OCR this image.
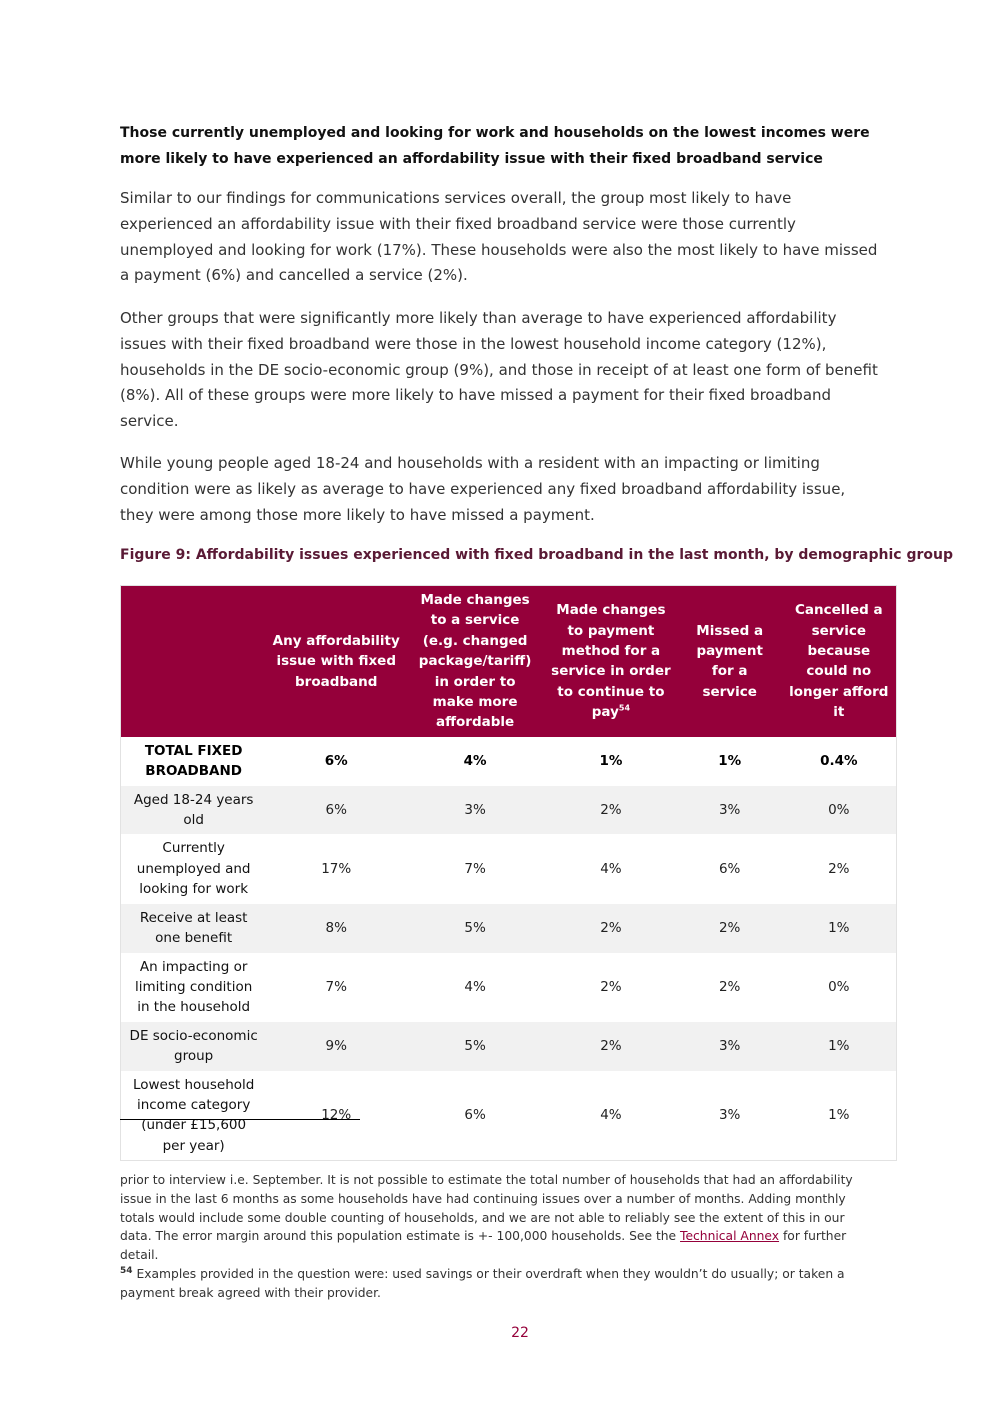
Those currently unemployed and looking for work and households on the lowest incomes were more likely to have experienced an affordability issue with their fixed broadband service

Similar to our findings for communications services overall, the group most likely to have experienced an affordability issue with their fixed broadband service were those currently unemployed and looking for work (17%). These households were also the most likely to have missed a payment (6%) and cancelled a service (2%).

Other groups that were significantly more likely than average to have experienced affordability issues with their fixed broadband were those in the lowest household income category (12%), households in the DE socio-economic group (9%), and those in receipt of at least one form of benefit (8%). All of these groups were more likely to have missed a payment for their fixed broadband service.

While young people aged 18-24 and households with a resident with an impacting or limiting condition were as likely as average to have experienced any fixed broadband affordability issue, they were among those more likely to have missed a payment.

Figure 9: Affordability issues experienced with fixed broadband in the last month, by demographic group
	Any affordability issue with fixed broadband	Made changes to a service (e.g. changed package/tariff) in order to make more affordable	Made changes to payment method for a service in order to continue to pay$^{54}$	Missed a payment for a service	Cancelled a service because could no longer afford it
TOTAL FIXED BROADBAND	6%	4%	1%	1%	0.4%
Aged 18-24 years old	6%	3%	2%	3%	0%
Currently unemployed and looking for work	17%	7%	4%	6%	2%
Receive at least one benefit	8%	5%	2%	2%	1%
An impacting or limiting condition in the household	7%	4%	2%	2%	0%
DE socio-economic group	9%	5%	2%	3%	1%
Lowest household income category (under £15,600 per year)	12%	6%	4%	3%	1%
prior to interview i.e. September. It is not possible to estimate the total number of households that had an affordability issue in the last 6 months as some households have had continuing issues over a number of months. Adding monthly totals would include some double counting of households, and we are not able to reliably see the extent of this in our data. The error margin around this population estimate is +- 100,000 households. See the Technical Annex for further detail.
$^{54}$ Examples provided in the question were: used savings or their overdraft when they wouldn’t do usually; or taken a payment break agreed with their provider.
22
